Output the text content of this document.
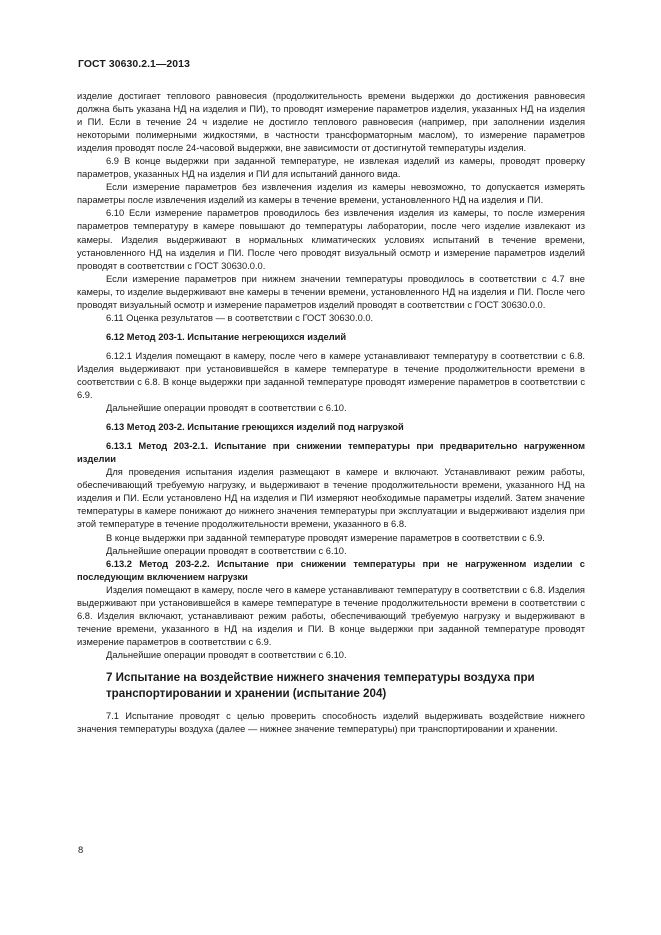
ГОСТ 30630.2.1—2013

изделие достигает теплового равновесия (продолжительность времени выдержки до достижения равновесия должна быть указана НД на изделия и ПИ), то проводят измерение параметров изделия, указанных НД на изделия и ПИ. Если в течение 24 ч изделие не достигло теплового равновесия (например, при заполнении изделия некоторыми полимерными жидкостями, в частности трансформаторным маслом), то измерение параметров изделия проводят после 24-часовой выдержки, вне зависимости от достигнутой температуры изделия.

6.9 В конце выдержки при заданной температуре, не извлекая изделий из камеры, проводят проверку параметров, указанных НД на изделия и ПИ для испытаний данного вида.

Если измерение параметров без извлечения изделия из камеры невозможно, то допускается измерять параметры после извлечения изделий из камеры в течение времени, установленного НД на изделия и ПИ.

6.10 Если измерение параметров проводилось без извлечения изделия из камеры, то после измерения параметров температуру в камере повышают до температуры лаборатории, после чего изделие извлекают из камеры. Изделия выдерживают в нормальных климатических условиях испытаний в течение времени, установленного НД на изделия и ПИ. После чего проводят визуальный осмотр и измерение параметров изделий проводят в соответствии с ГОСТ 30630.0.0.

Если измерение параметров при нижнем значении температуры проводилось в соответствии с 4.7 вне камеры, то изделие выдерживают вне камеры в течении времени, установленного НД на изделия и ПИ. После чего проводят визуальный осмотр и измерение параметров изделий проводят в соответствии с ГОСТ 30630.0.0.

6.11 Оценка результатов — в соответствии с ГОСТ 30630.0.0.

6.12 Метод 203-1. Испытание негреющихся изделий

6.12.1 Изделия помещают в камеру, после чего в камере устанавливают температуру в соответствии с 6.8. Изделия выдерживают при установившейся в камере температуре в течение продолжительности времени в соответствии с 6.8. В конце выдержки при заданной температуре проводят измерение параметров в соответствии с 6.9.

Дальнейшие операции проводят в соответствии с 6.10.

6.13 Метод 203-2. Испытание греющихся изделий под нагрузкой

6.13.1 Метод 203-2.1. Испытание при снижении температуры при предварительно нагруженном изделии

Для проведения испытания изделия размещают в камере и включают. Устанавливают режим работы, обеспечивающий требуемую нагрузку, и выдерживают в течение продолжительности времени, указанного НД на изделия и ПИ. Если установлено НД на изделия и ПИ измеряют необходимые параметры изделий. Затем значение температуры в камере понижают до нижнего значения температуры при эксплуатации и выдерживают изделия при этой температуре в течение продолжительности времени, указанного в 6.8.

В конце выдержки при заданной температуре проводят измерение параметров в соответствии с 6.9.

Дальнейшие операции проводят в соответствии с 6.10.

6.13.2 Метод 203-2.2. Испытание при снижении температуры при не нагруженном изделии с последующим включением нагрузки

Изделия помещают в камеру, после чего в камере устанавливают температуру в соответствии с 6.8. Изделия выдерживают при установившейся в камере температуре в течение продолжительности времени в соответствии с 6.8. Изделия включают, устанавливают режим работы, обеспечивающий требуемую нагрузку и выдерживают в течение времени, указанного в НД на изделия и ПИ. В конце выдержки при заданной температуре проводят измерение параметров в соответствии с 6.9.

Дальнейшие операции проводят в соответствии с 6.10.

7 Испытание на воздействие нижнего значения температуры воздуха при транспортировании и хранении (испытание 204)

7.1 Испытание проводят с целью проверить способность изделий выдерживать воздействие нижнего значения температуры воздуха (далее — нижнее значение температуры) при транспортировании и хранении.

8
